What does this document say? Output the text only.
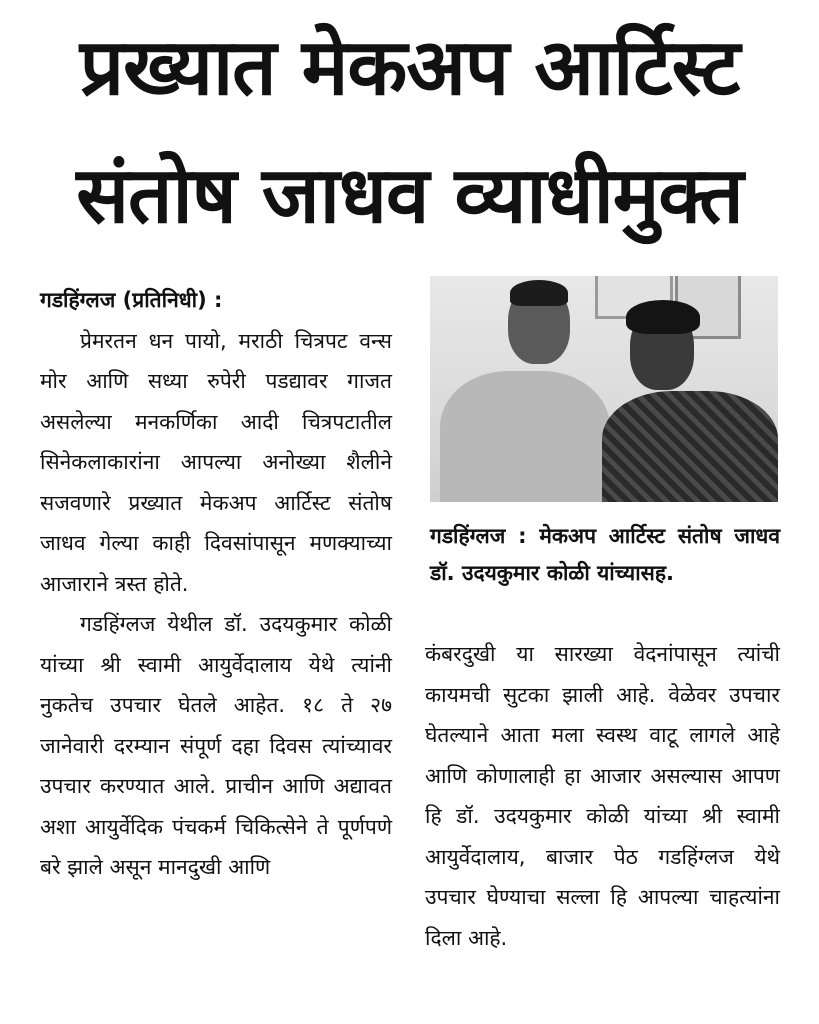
प्रख्यात मेकअप आर्टिस्ट
संतोष जाधव व्याधीमुक्त

गडहिंग्लज (प्रतिनिधी) :

प्रेमरतन धन पायो, मराठी चित्रपट वन्स मोर आणि सध्या रुपेरी पडद्यावर गाजत असलेल्या मनकर्णिका आदी चित्रपटातील सिनेकलाकारांना आपल्या अनोख्या शैलीने सजवणारे प्रख्यात मेकअप आर्टिस्ट संतोष जाधव गेल्या काही दिवसांपासून मणक्याच्या आजाराने त्रस्त होते.

गडहिंग्लज येथील डॉ. उदयकुमार कोळी यांच्या श्री स्वामी आयुर्वेदालाय येथे त्यांनी नुकतेच उपचार घेतले आहेत. १८ ते २७ जानेवारी दरम्यान संपूर्ण दहा दिवस त्यांच्यावर उपचार करण्यात आले. प्राचीन आणि अद्यावत अशा आयुर्वेदिक पंचकर्म चिकित्सेने ते पूर्णपणे बरे झाले असून मानदुखी आणि

गडहिंग्लज : मेकअप आर्टिस्ट संतोष जाधव डॉ. उदयकुमार कोळी यांच्यासह.

कंबरदुखी या सारख्या वेदनांपासून त्यांची कायमची सुटका झाली आहे. वेळेवर उपचार घेतल्याने आता मला स्वस्थ वाटू लागले आहे आणि कोणालाही हा आजार असल्यास आपण हि डॉ. उदयकुमार कोळी यांच्या श्री स्वामी आयुर्वेदालाय, बाजार पेठ गडहिंग्लज येथे उपचार घेण्याचा सल्ला हि आपल्या चाहत्यांना दिला आहे.
